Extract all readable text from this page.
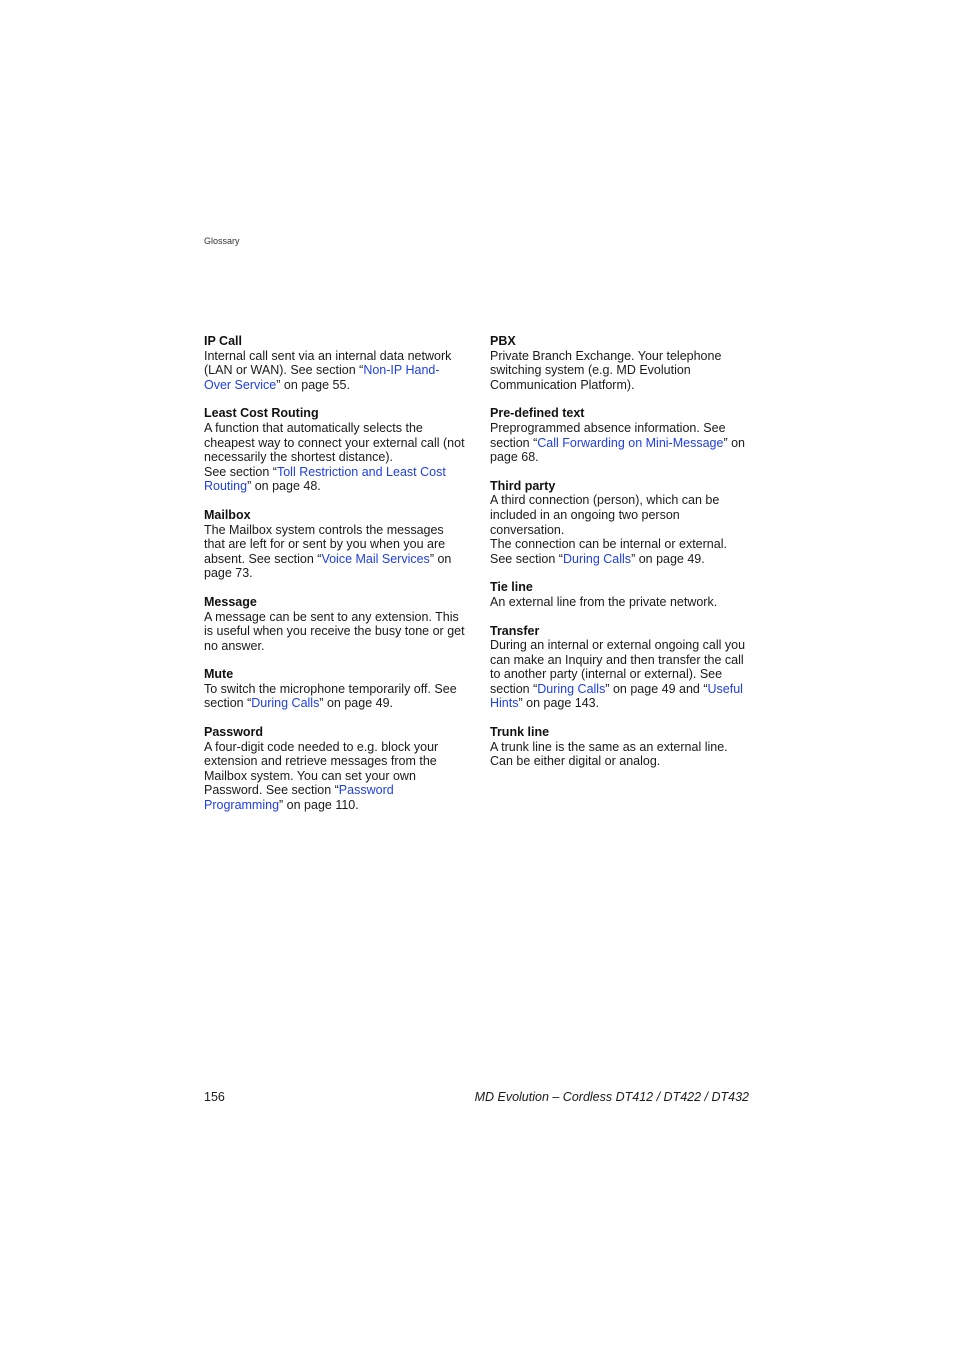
Glossary
IP Call
Internal call sent via an internal data network (LAN or WAN). See section “Non-IP Hand-Over Service” on page 55.
Least Cost Routing
A function that automatically selects the cheapest way to connect your external call (not necessarily the shortest distance).
See section “Toll Restriction and Least Cost Routing” on page 48.
Mailbox
The Mailbox system controls the messages that are left for or sent by you when you are absent. See section “Voice Mail Services” on page 73.
Message
A message can be sent to any extension. This is useful when you receive the busy tone or get no answer.
Mute
To switch the microphone temporarily off. See section “During Calls” on page 49.
Password
A four-digit code needed to e.g. block your extension and retrieve messages from the Mailbox system. You can set your own Password. See section “Password Programming” on page 110.
PBX
Private Branch Exchange. Your telephone switching system (e.g. MD Evolution Communication Platform).
Pre-defined text
Preprogrammed absence information. See section “Call Forwarding on Mini-Message” on page 68.
Third party
A third connection (person), which can be included in an ongoing two person conversation.
The connection can be internal or external. See section “During Calls” on page 49.
Tie line
An external line from the private network.
Transfer
During an internal or external ongoing call you can make an Inquiry and then transfer the call to another party (internal or external). See section “During Calls” on page 49 and “Useful Hints” on page 143.
Trunk line
A trunk line is the same as an external line. Can be either digital or analog.
156	MD Evolution – Cordless DT412 / DT422 / DT432
